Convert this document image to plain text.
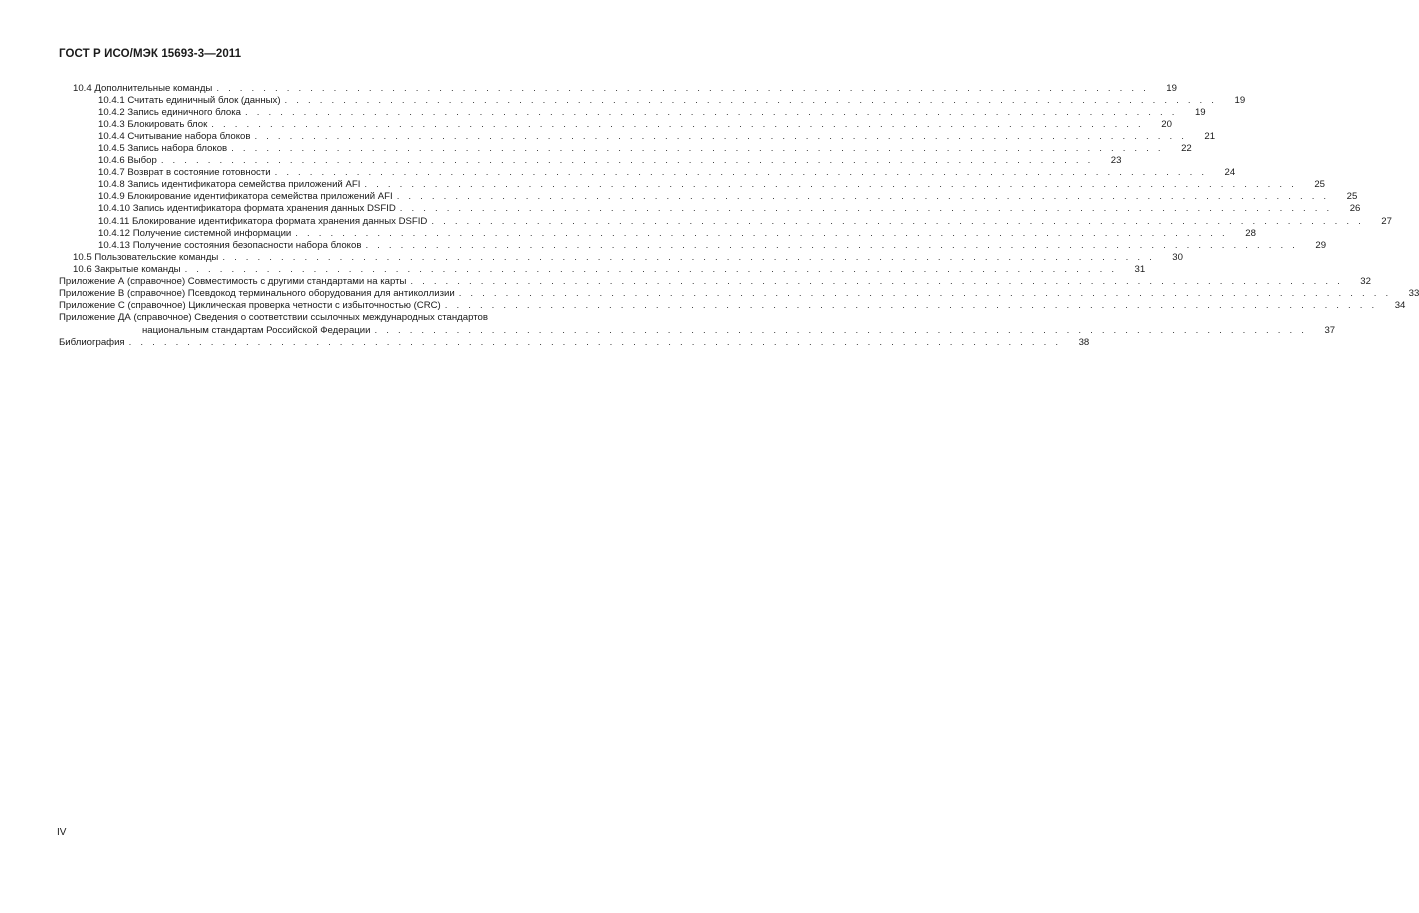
ГОСТ Р ИСО/МЭК 15693-3—2011
10.4 Дополнительные команды . . . . . . . . . . . . . . . . . . . . . . . . . . . . . . . . . . . . . . . . . . . . . . . . . . . . . . . . . . . . . . . . . . . . . . . . . . . . . . . .	19
10.4.1 Считать единичный блок (данных) . . . . . . . . . . . . . . . . . . . . . . . . . . . . . . . . . . . . . . . . . . . . . . . . . . . . . . . . . . . . . . . . . . . . . . . . . . . . . . . .	19
10.4.2 Запись единичного блока . . . . . . . . . . . . . . . . . . . . . . . . . . . . . . . . . . . . . . . . . . . . . . . . . . . . . . . . . . . . . . . . . . . . . . . . . . . . . . . .	19
10.4.3 Блокировать блок . . . . . . . . . . . . . . . . . . . . . . . . . . . . . . . . . . . . . . . . . . . . . . . . . . . . . . . . . . . . . . . . . . . . . . . . . . . . . . . .	20
10.4.4 Считывание набора блоков . . . . . . . . . . . . . . . . . . . . . . . . . . . . . . . . . . . . . . . . . . . . . . . . . . . . . . . . . . . . . . . . . . . . . . . . . . . . . . . .	21
10.4.5 Запись набора блоков . . . . . . . . . . . . . . . . . . . . . . . . . . . . . . . . . . . . . . . . . . . . . . . . . . . . . . . . . . . . . . . . . . . . . . . . . . . . . . . .	22
10.4.6 Выбор . . . . . . . . . . . . . . . . . . . . . . . . . . . . . . . . . . . . . . . . . . . . . . . . . . . . . . . . . . . . . . . . . . . . . . . . . . . . . . . .	23
10.4.7 Возврат в состояние готовности . . . . . . . . . . . . . . . . . . . . . . . . . . . . . . . . . . . . . . . . . . . . . . . . . . . . . . . . . . . . . . . . . . . . . . . . . . . . . . . .	24
10.4.8 Запись идентификатора семейства приложений AFI . . . . . . . . . . . . . . . . . . . . . . . . . . . . . . . . . . . . . . . . . . . . . . . . . . . . . . . . . . . . . . . . . . . . . . . . . . . . . . . .	25
10.4.9 Блокирование идентификатора семейства приложений AFI . . . . . . . . . . . . . . . . . . . . . . . . . . . . . . . . . . . . . . . . . . . . . . . . . . . . . . . . . . . . . . . . . . . . . . . . . . . . . . . .	25
10.4.10 Запись идентификатора формата хранения данных DSFID . . . . . . . . . . . . . . . . . . . . . . . . . . . . . . . . . . . . . . . . . . . . . . . . . . . . . . . . . . . . . . . . . . . . . . . . . . . . . . . .	26
10.4.11 Блокирование идентификатора формата хранения данных DSFID . . . . . . . . . . . . . . . . . . . . . . . . . . . . . . . . . . . . . . . . . . . . . . . . . . . . . . . . . . . . . . . . . . . . . . . . . . . . . . . .	27
10.4.12 Получение системной информации . . . . . . . . . . . . . . . . . . . . . . . . . . . . . . . . . . . . . . . . . . . . . . . . . . . . . . . . . . . . . . . . . . . . . . . . . . . . . . . .	28
10.4.13 Получение состояния безопасности набора блоков . . . . . . . . . . . . . . . . . . . . . . . . . . . . . . . . . . . . . . . . . . . . . . . . . . . . . . . . . . . . . . . . . . . . . . . . . . . . . . . .	29
10.5 Пользовательские команды . . . . . . . . . . . . . . . . . . . . . . . . . . . . . . . . . . . . . . . . . . . . . . . . . . . . . . . . . . . . . . . . . . . . . . . . . . . . . . . .	30
10.6 Закрытые команды . . . . . . . . . . . . . . . . . . . . . . . . . . . . . . . . . . . . . . . . . . . . . . . . . . . . . . . . . . . . . . . . . . . . . . . . . . . . . . . .	31
Приложение А (справочное) Совместимость с другими стандартами на карты . . . . . . . . . . . . . . . . . . . . . . . . . . . . . . . . . . . . . . . . . . . . . . . . . . . . . . . . . . . . . . . . . . . . . . . . . . . . . . . .	32
Приложение В (справочное) Псевдокод терминального оборудования для антиколлизии . . . . . . . . . . . . . . . . . . . . . . . . . . . . . . . . . . . . . . . . . . . . . . . . . . . . . . . . . . . . . . . . . . . . . . . . . . . . . . . .	33
Приложение С (справочное) Циклическая проверка четности с избыточностью (CRC) . . . . . . . . . . . . . . . . . . . . . . . . . . . . . . . . . . . . . . . . . . . . . . . . . . . . . . . . . . . . . . . . . . . . . . . . . . . . . . . .	34
Приложение ДА (справочное) Сведения о соответствии ссылочных международных стандартов
национальным стандартам Российской Федерации . . . . . . . . . . . . . . . . . . . . . . . . . . . . . . . . . . . . . . . . . . . . . . . . . . . . . . . . . . . . . . . . . . . . . . . . . . . . . . . .	37
Библиография . . . . . . . . . . . . . . . . . . . . . . . . . . . . . . . . . . . . . . . . . . . . . . . . . . . . . . . . . . . . . . . . . . . . . . . . . . . . . . . .	38
IV
